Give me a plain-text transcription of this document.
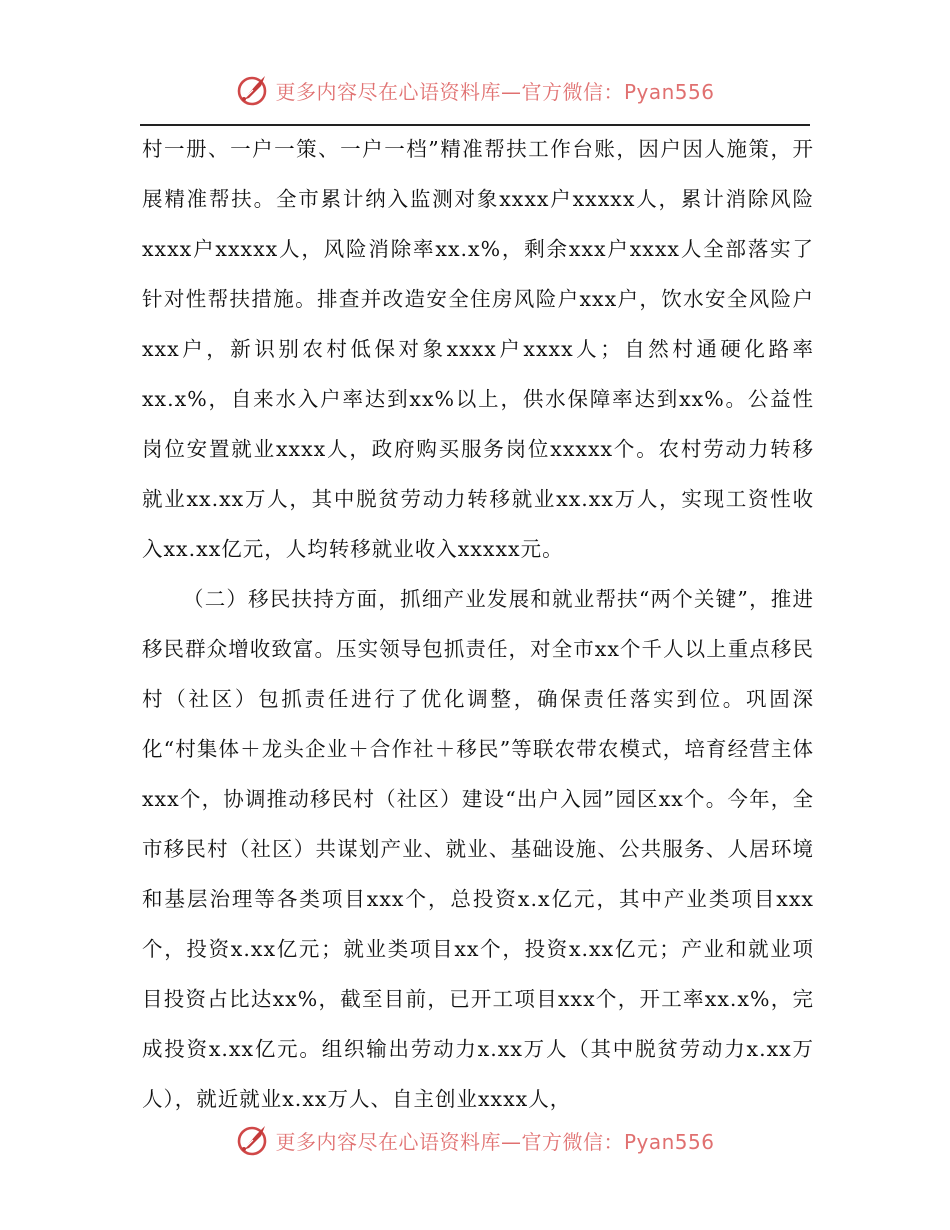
更多内容尽在心语资料库—官方微信：Pyan556

村一册、一户一策、一户一档”精准帮扶工作台账，因户因人施策，开展精准帮扶。全市累计纳入监测对象xxxx户xxxxx人，累计消除风险xxxx户xxxxx人，风险消除率xx.x%，剩余xxx户xxxx人全部落实了针对性帮扶措施。排查并改造安全住房风险户xxx户，饮水安全风险户xxx户，新识别农村低保对象xxxx户xxxx人；自然村通硬化路率xx.x%，自来水入户率达到xx%以上，供水保障率达到xx%。公益性岗位安置就业xxxx人，政府购买服务岗位xxxxx个。农村劳动力转移就业xx.xx万人，其中脱贫劳动力转移就业xx.xx万人，实现工资性收入xx.xx亿元，人均转移就业收入xxxxx元。

（二）移民扶持方面，抓细产业发展和就业帮扶“两个关键”，推进移民群众增收致富。压实领导包抓责任，对全市xx个千人以上重点移民村（社区）包抓责任进行了优化调整，确保责任落实到位。巩固深化“村集体＋龙头企业＋合作社＋移民”等联农带农模式，培育经营主体xxx个，协调推动移民村（社区）建设“出户入园”园区xx个。今年，全市移民村（社区）共谋划产业、就业、基础设施、公共服务、人居环境和基层治理等各类项目xxx个，总投资x.x亿元，其中产业类项目xxx个，投资x.xx亿元；就业类项目xx个，投资x.xx亿元；产业和就业项目投资占比达xx%，截至目前，已开工项目xxx个，开工率xx.x%，完成投资x.xx亿元。组织输出劳动力x.xx万人（其中脱贫劳动力x.xx万人），就近就业x.xx万人、自主创业xxxx人，

更多内容尽在心语资料库—官方微信：Pyan556
